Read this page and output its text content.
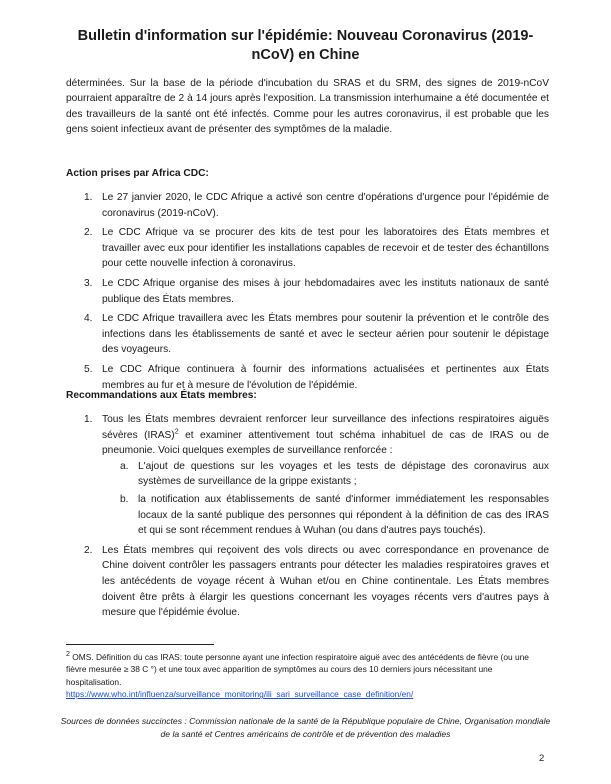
Bulletin d'information sur l'épidémie: Nouveau Coronavirus (2019-nCoV) en Chine
déterminées. Sur la base de la période d'incubation du SRAS et du SRM, des signes de 2019-nCoV pourraient apparaître de 2 à 14 jours après l'exposition. La transmission interhumaine a été documentée et des travailleurs de la santé ont été infectés. Comme pour les autres coronavirus, il est probable que les gens soient infectieux avant de présenter des symptômes de la maladie.
Action prises par Africa CDC:
1. Le 27 janvier 2020, le CDC Afrique a activé son centre d'opérations d'urgence pour l'épidémie de coronavirus (2019-nCoV).
2. Le CDC Afrique va se procurer des kits de test pour les laboratoires des États membres et travailler avec eux pour identifier les installations capables de recevoir et de tester des échantillons pour cette nouvelle infection à coronavirus.
3. Le CDC Afrique organise des mises à jour hebdomadaires avec les instituts nationaux de santé publique des États membres.
4. Le CDC Afrique travaillera avec les États membres pour soutenir la prévention et le contrôle des infections dans les établissements de santé et avec le secteur aérien pour soutenir le dépistage des voyageurs.
5. Le CDC Afrique continuera à fournir des informations actualisées et pertinentes aux États membres au fur et à mesure de l'évolution de l'épidémie.
Recommandations aux États membres:
1. Tous les États membres devraient renforcer leur surveillance des infections respiratoires aiguës sévères (IRAS)$^2$ et examiner attentivement tout schéma inhabituel de cas de IRAS ou de pneumonie. Voici quelques exemples de surveillance renforcée :
a. L'ajout de questions sur les voyages et les tests de dépistage des coronavirus aux systèmes de surveillance de la grippe existants ;
b. la notification aux établissements de santé d'informer immédiatement les responsables locaux de la santé publique des personnes qui répondent à la définition de cas des IRAS et qui se sont récemment rendues à Wuhan (ou dans d'autres pays touchés).
2. Les États membres qui reçoivent des vols directs ou avec correspondance en provenance de Chine doivent contrôler les passagers entrants pour détecter les maladies respiratoires graves et les antécédents de voyage récent à Wuhan et/ou en Chine continentale. Les États membres doivent être prêts à élargir les questions concernant les voyages récents vers d'autres pays à mesure que l'épidémie évolue.
$^2$ OMS. Définition du cas IRAS: toute personne ayant une infection respiratoire aiguë avec des antécédents de fièvre (ou une fièvre mesurée ≥ 38 C °) et une toux avec apparition de symptômes au cours des 10 derniers jours nécessitant une hospitalisation.
https://www.who.int/influenza/surveillance_monitoring/ili_sari_surveillance_case_definition/en/
Sources de données succinctes : Commission nationale de la santé de la République populaire de Chine, Organisation mondiale de la santé et Centres américains de contrôle et de prévention des maladies
2
